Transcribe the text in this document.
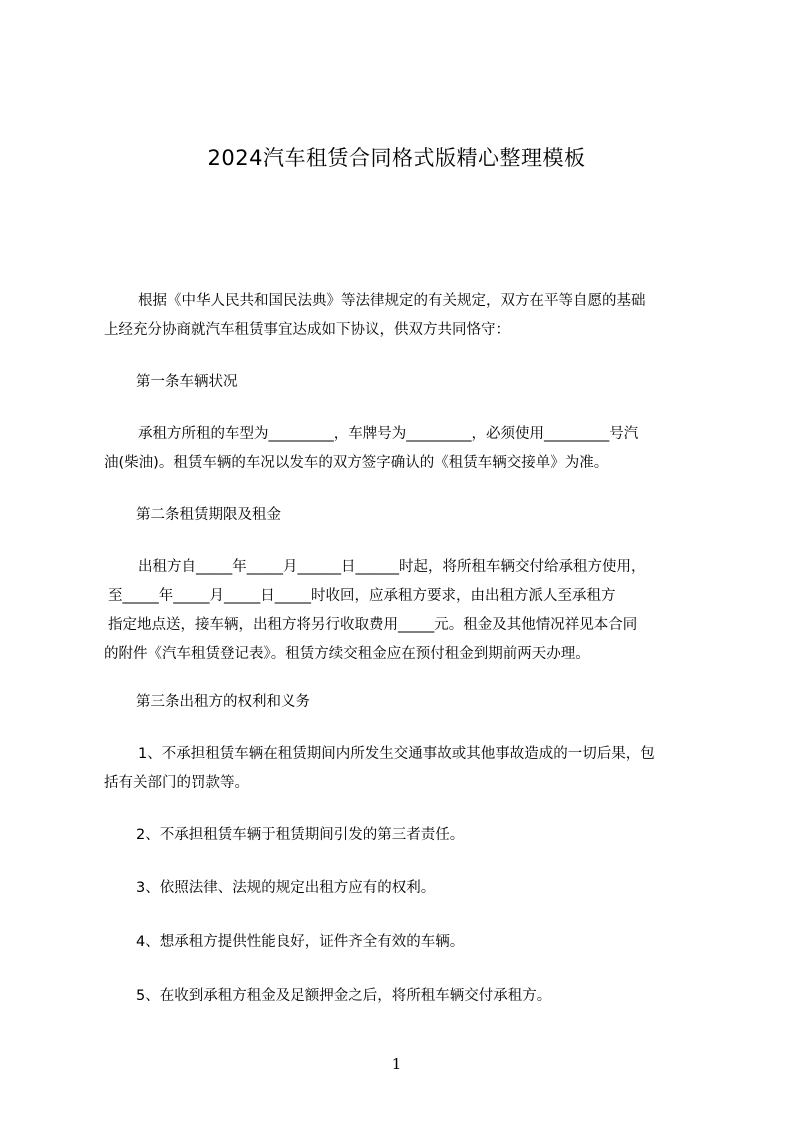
2024汽车租赁合同格式版精心整理模板
根据《中华人民共和国民法典》等法律规定的有关规定，双方在平等自愿的基础
上经充分协商就汽车租赁事宜达成如下协议，供双方共同恪守：
第一条车辆状况
承租方所租的车型为_________，车牌号为_________，必须使用_________号汽
油(柴油)。租赁车辆的车况以发车的双方签字确认的《租赁车辆交接单》为准。
第二条租赁期限及租金
出租方自_____年_____月______日______时起，将所租车辆交付给承租方使用，
至_____年_____月_____日_____时收回，应承租方要求，由出租方派人至承租方
指定地点送，接车辆，出租方将另行收取费用_____元。租金及其他情况祥见本合同
的附件《汽车租赁登记表》。租赁方续交租金应在预付租金到期前两天办理。
第三条出租方的权利和义务
1、不承担租赁车辆在租赁期间内所发生交通事故或其他事故造成的一切后果，包
括有关部门的罚款等。
2、不承担租赁车辆于租赁期间引发的第三者责任。
3、依照法律、法规的规定出租方应有的权利。
4、想承租方提供性能良好，证件齐全有效的车辆。
5、在收到承租方租金及足额押金之后，将所租车辆交付承租方。
1
